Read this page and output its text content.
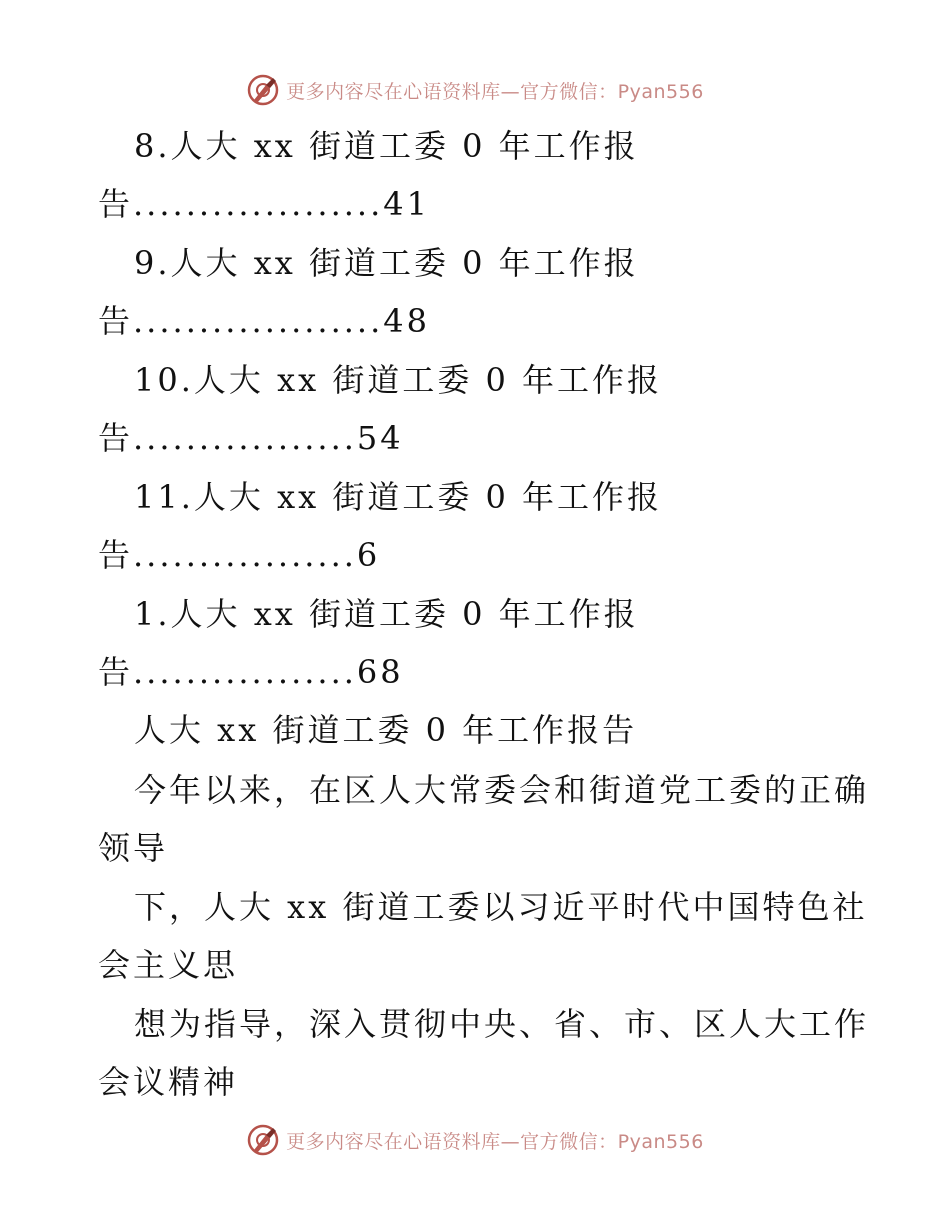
更多内容尽在心语资料库—官方微信：Pyan556
8.人大 xx 街道工委 0 年工作报
告...................41
9.人大 xx 街道工委 0 年工作报
告...................48
10.人大 xx 街道工委 0 年工作报
告.................54
11.人大 xx 街道工委 0 年工作报
告.................6
1.人大 xx 街道工委 0 年工作报
告.................68
人大 xx 街道工委 0 年工作报告
今年以来，在区人大常委会和街道党工委的正确
领导
下，人大 xx 街道工委以习近平时代中国特色社
会主义思
想为指导，深入贯彻中央、省、市、区人大工作
会议精神
更多内容尽在心语资料库—官方微信：Pyan556
